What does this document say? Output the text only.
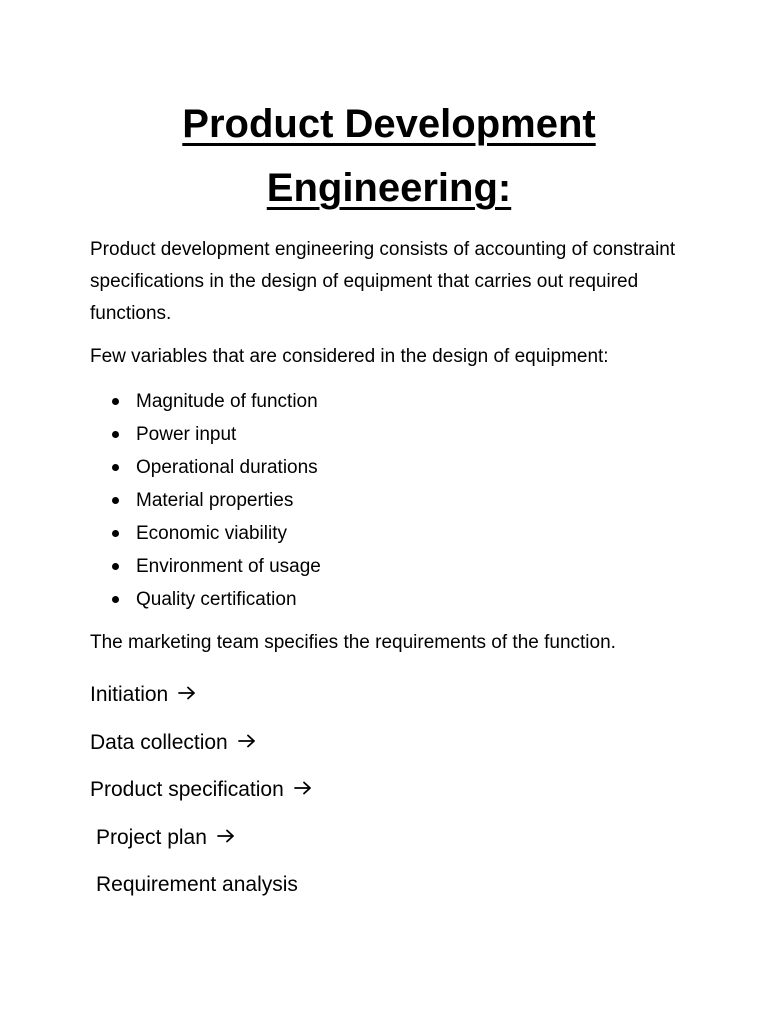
Product Development
Engineering:

Product development engineering consists of accounting of constraint specifications in the design of equipment that carries out required functions.

Few variables that are considered in the design of equipment:

Magnitude of function
Power input
Operational durations
Material properties
Economic viability
Environment of usage
Quality certification

The marketing team specifies the requirements of the function.

Initiation
Data collection
Product specification
Project plan
Requirement analysis
